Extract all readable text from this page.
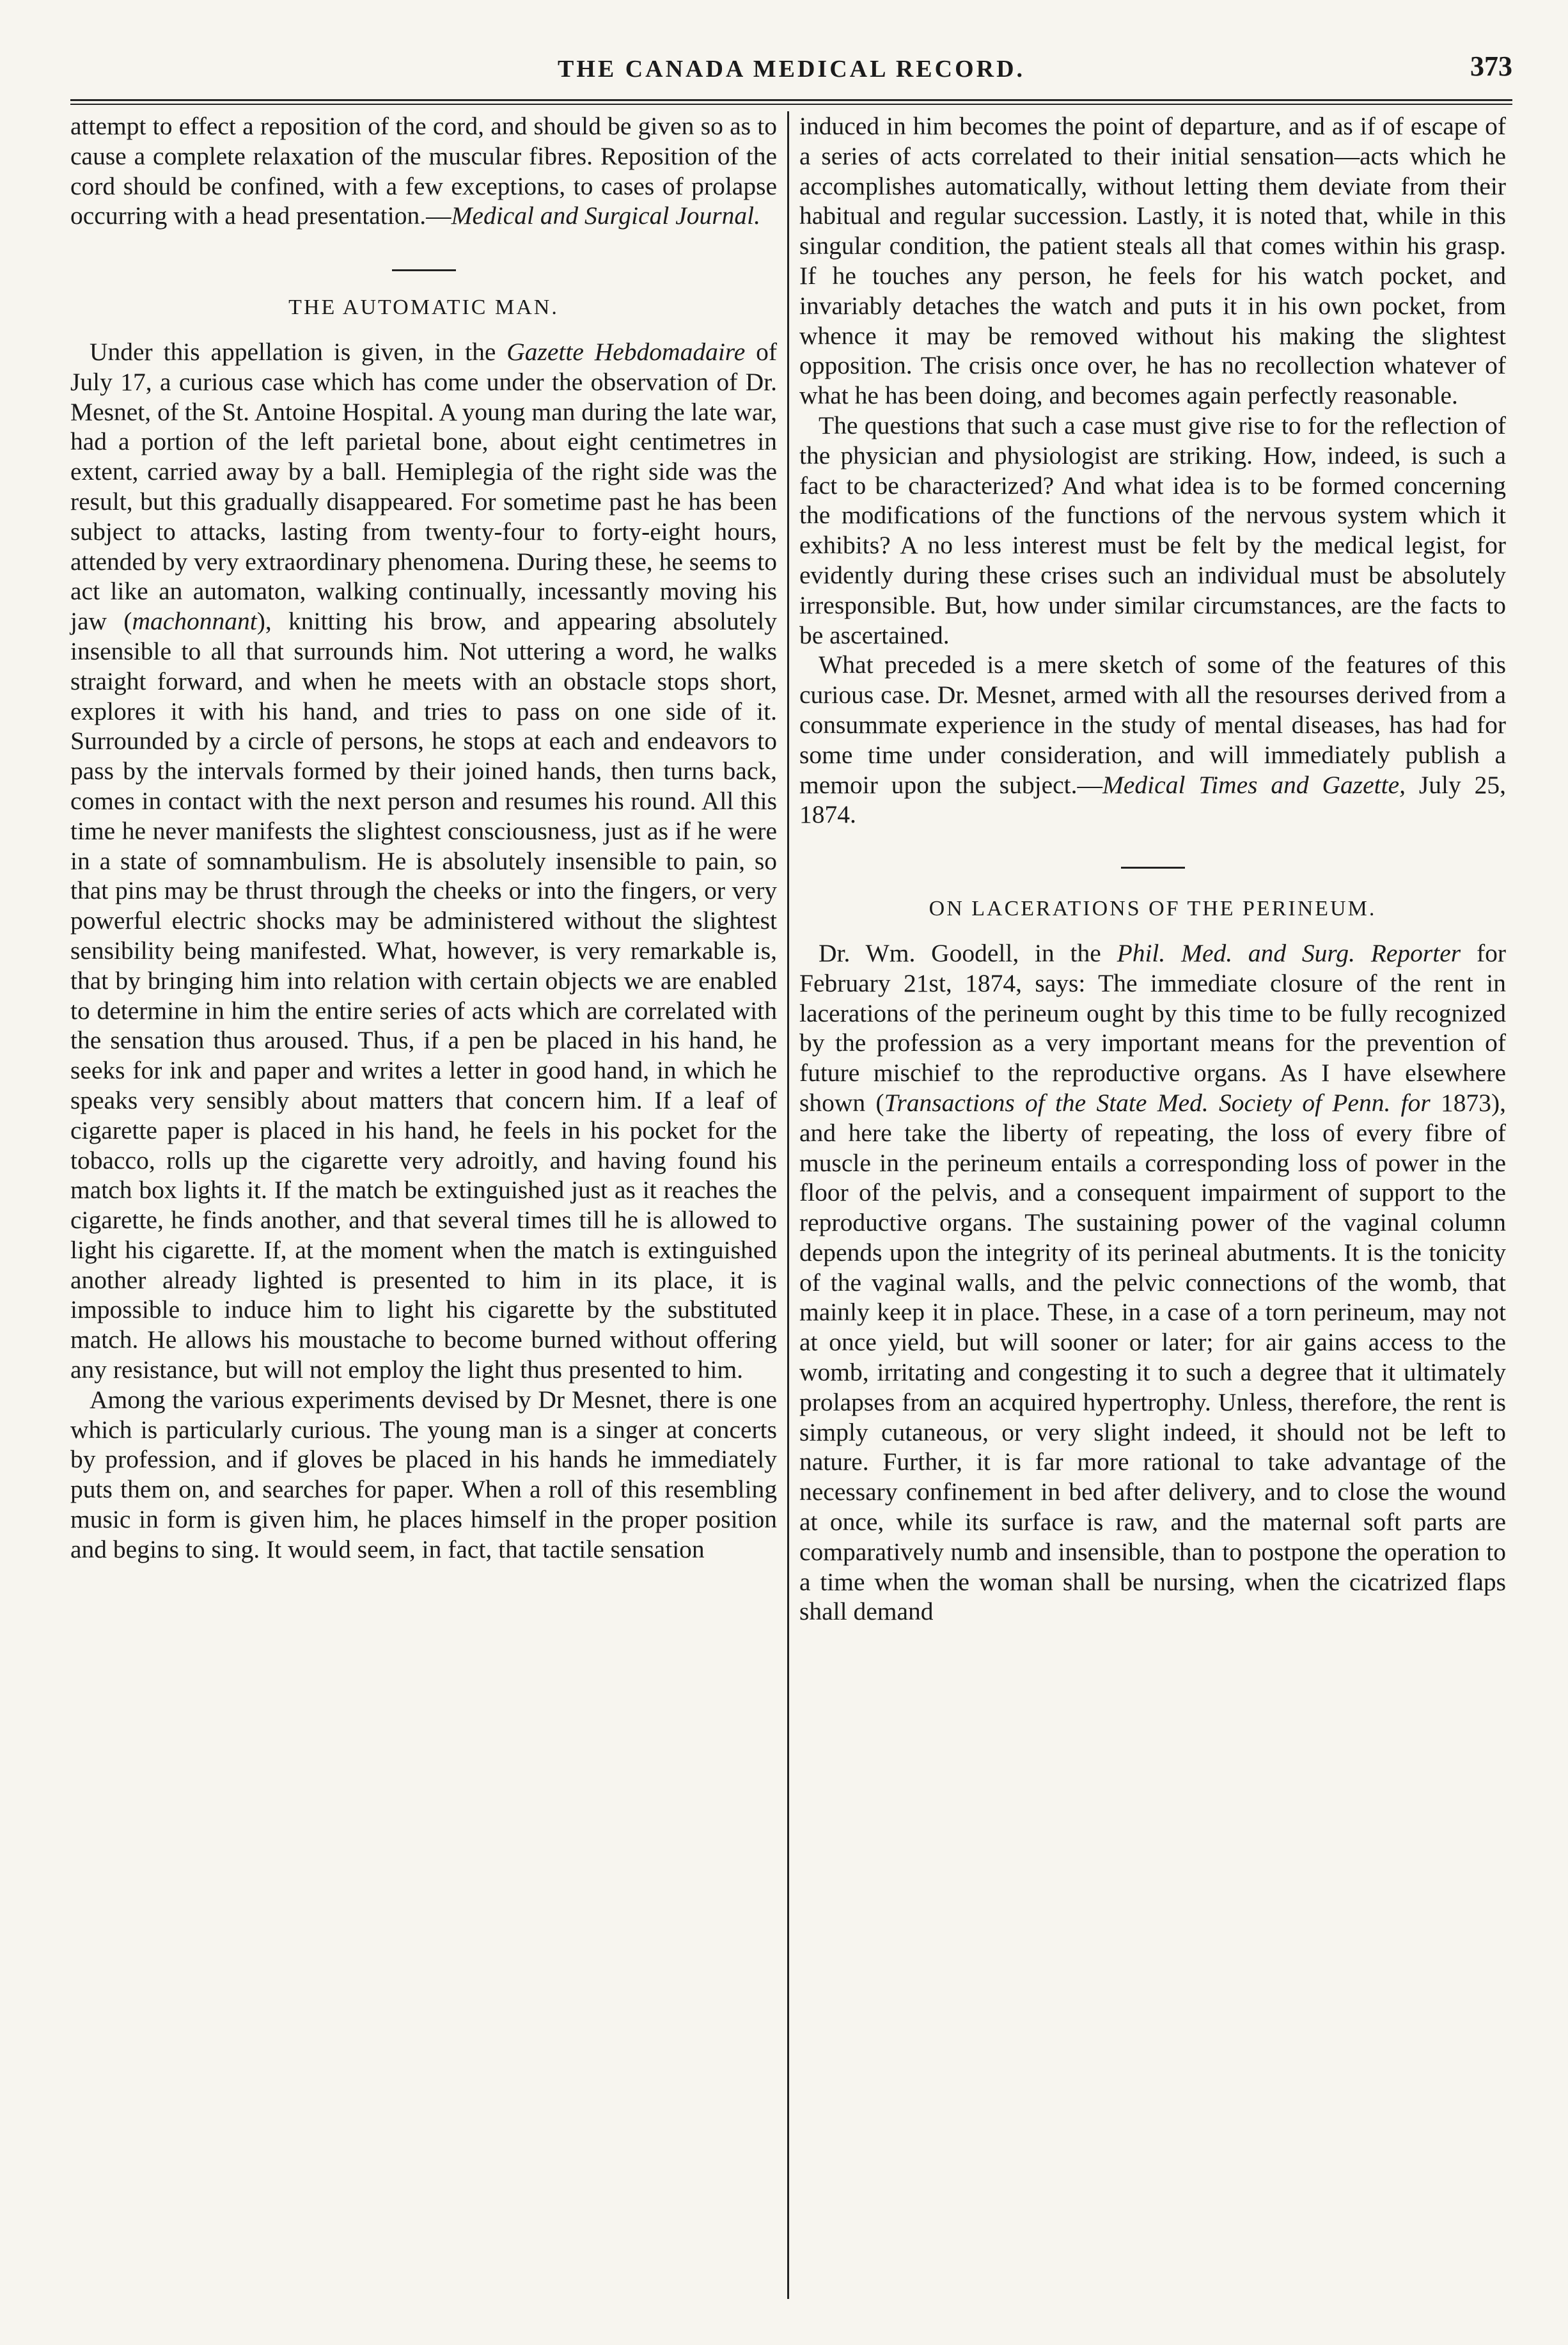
THE CANADA MEDICAL RECORD.	373

attempt to effect a reposition of the cord, and should be given so as to cause a complete relaxation of the muscular fibres. Reposition of the cord should be confined, with a few exceptions, to cases of prolapse occurring with a head presentation.—Medical and Surgical Journal.

THE AUTOMATIC MAN.

Under this appellation is given, in the Gazette Hebdomadaire of July 17, a curious case which has come under the observation of Dr. Mesnet, of the St. Antoine Hospital. A young man during the late war, had a portion of the left parietal bone, about eight centimetres in extent, carried away by a ball. Hemiplegia of the right side was the result, but this gradually disappeared. For sometime past he has been subject to attacks, lasting from twenty-four to forty-eight hours, attended by very extraordinary phenomena. During these, he seems to act like an automaton, walking continually, incessantly moving his jaw (machonnant), knitting his brow, and appearing absolutely insensible to all that surrounds him. Not uttering a word, he walks straight forward, and when he meets with an obstacle stops short, explores it with his hand, and tries to pass on one side of it. Surrounded by a circle of persons, he stops at each and endeavors to pass by the intervals formed by their joined hands, then turns back, comes in contact with the next person and resumes his round. All this time he never manifests the slightest consciousness, just as if he were in a state of somnambulism. He is absolutely insensible to pain, so that pins may be thrust through the cheeks or into the fingers, or very powerful electric shocks may be administered without the slightest sensibility being manifested. What, however, is very remarkable is, that by bringing him into relation with certain objects we are enabled to determine in him the entire series of acts which are correlated with the sensation thus aroused. Thus, if a pen be placed in his hand, he seeks for ink and paper and writes a letter in good hand, in which he speaks very sensibly about matters that concern him. If a leaf of cigarette paper is placed in his hand, he feels in his pocket for the tobacco, rolls up the cigarette very adroitly, and having found his match box lights it. If the match be extinguished just as it reaches the cigarette, he finds another, and that several times till he is allowed to light his cigarette. If, at the moment when the match is extinguished another already lighted is presented to him in its place, it is impossible to induce him to light his cigarette by the substituted match. He allows his moustache to become burned without offering any resistance, but will not employ the light thus presented to him.

Among the various experiments devised by Dr Mesnet, there is one which is particularly curious. The young man is a singer at concerts by profession, and if gloves be placed in his hands he immediately puts them on, and searches for paper. When a roll of this resembling music in form is given him, he places himself in the proper position and begins to sing. It would seem, in fact, that tactile sensation

induced in him becomes the point of departure, and as if of escape of a series of acts correlated to their initial sensation—acts which he accomplishes automatically, without letting them deviate from their habitual and regular succession. Lastly, it is noted that, while in this singular condition, the patient steals all that comes within his grasp. If he touches any person, he feels for his watch pocket, and invariably detaches the watch and puts it in his own pocket, from whence it may be removed without his making the slightest opposition. The crisis once over, he has no recollection whatever of what he has been doing, and becomes again perfectly reasonable.

The questions that such a case must give rise to for the reflection of the physician and physiologist are striking. How, indeed, is such a fact to be characterized? And what idea is to be formed concerning the modifications of the functions of the nervous system which it exhibits? A no less interest must be felt by the medical legist, for evidently during these crises such an individual must be absolutely irresponsible. But, how under similar circumstances, are the facts to be ascertained.

What preceded is a mere sketch of some of the features of this curious case. Dr. Mesnet, armed with all the resourses derived from a consummate experience in the study of mental diseases, has had for some time under consideration, and will immediately publish a memoir upon the subject.—Medical Times and Gazette, July 25, 1874.

ON LACERATIONS OF THE PERINEUM.

Dr. Wm. Goodell, in the Phil. Med. and Surg. Reporter for February 21st, 1874, says: The immediate closure of the rent in lacerations of the perineum ought by this time to be fully recognized by the profession as a very important means for the prevention of future mischief to the reproductive organs. As I have elsewhere shown (Transactions of the State Med. Society of Penn. for 1873), and here take the liberty of repeating, the loss of every fibre of muscle in the perineum entails a corresponding loss of power in the floor of the pelvis, and a consequent impairment of support to the reproductive organs. The sustaining power of the vaginal column depends upon the integrity of its perineal abutments. It is the tonicity of the vaginal walls, and the pelvic connections of the womb, that mainly keep it in place. These, in a case of a torn perineum, may not at once yield, but will sooner or later; for air gains access to the womb, irritating and congesting it to such a degree that it ultimately prolapses from an acquired hypertrophy. Unless, therefore, the rent is simply cutaneous, or very slight indeed, it should not be left to nature. Further, it is far more rational to take advantage of the necessary confinement in bed after delivery, and to close the wound at once, while its surface is raw, and the maternal soft parts are comparatively numb and insensible, than to postpone the operation to a time when the woman shall be nursing, when the cicatrized flaps shall demand
